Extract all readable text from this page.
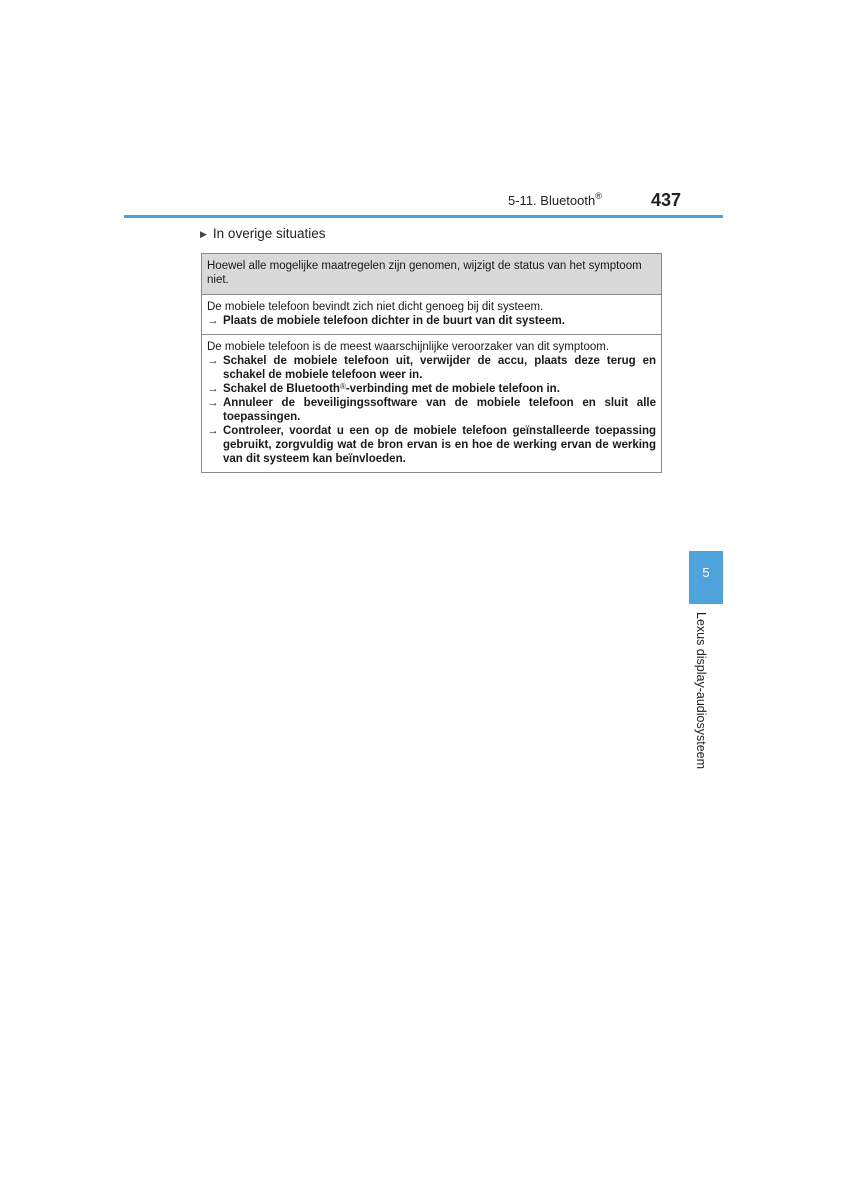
5-11. Bluetooth®	437
▶ In overige situaties
Hoewel alle mogelijke maatregelen zijn genomen, wijzigt de status van het symptoom niet.
De mobiele telefoon bevindt zich niet dicht genoeg bij dit systeem.
→ Plaats de mobiele telefoon dichter in de buurt van dit systeem.
De mobiele telefoon is de meest waarschijnlijke veroorzaker van dit symptoom.
→ Schakel de mobiele telefoon uit, verwijder de accu, plaats deze terug en schakel de mobiele telefoon weer in.
→ Schakel de Bluetooth®-verbinding met de mobiele telefoon in.
→ Annuleer de beveiligingssoftware van de mobiele telefoon en sluit alle toepassingen.
→ Controleer, voordat u een op de mobiele telefoon geïnstalleerde toepassing gebruikt, zorgvuldig wat de bron ervan is en hoe de werking ervan de werking van dit systeem kan beïnvloeden.
5
Lexus display-audiosysteem
